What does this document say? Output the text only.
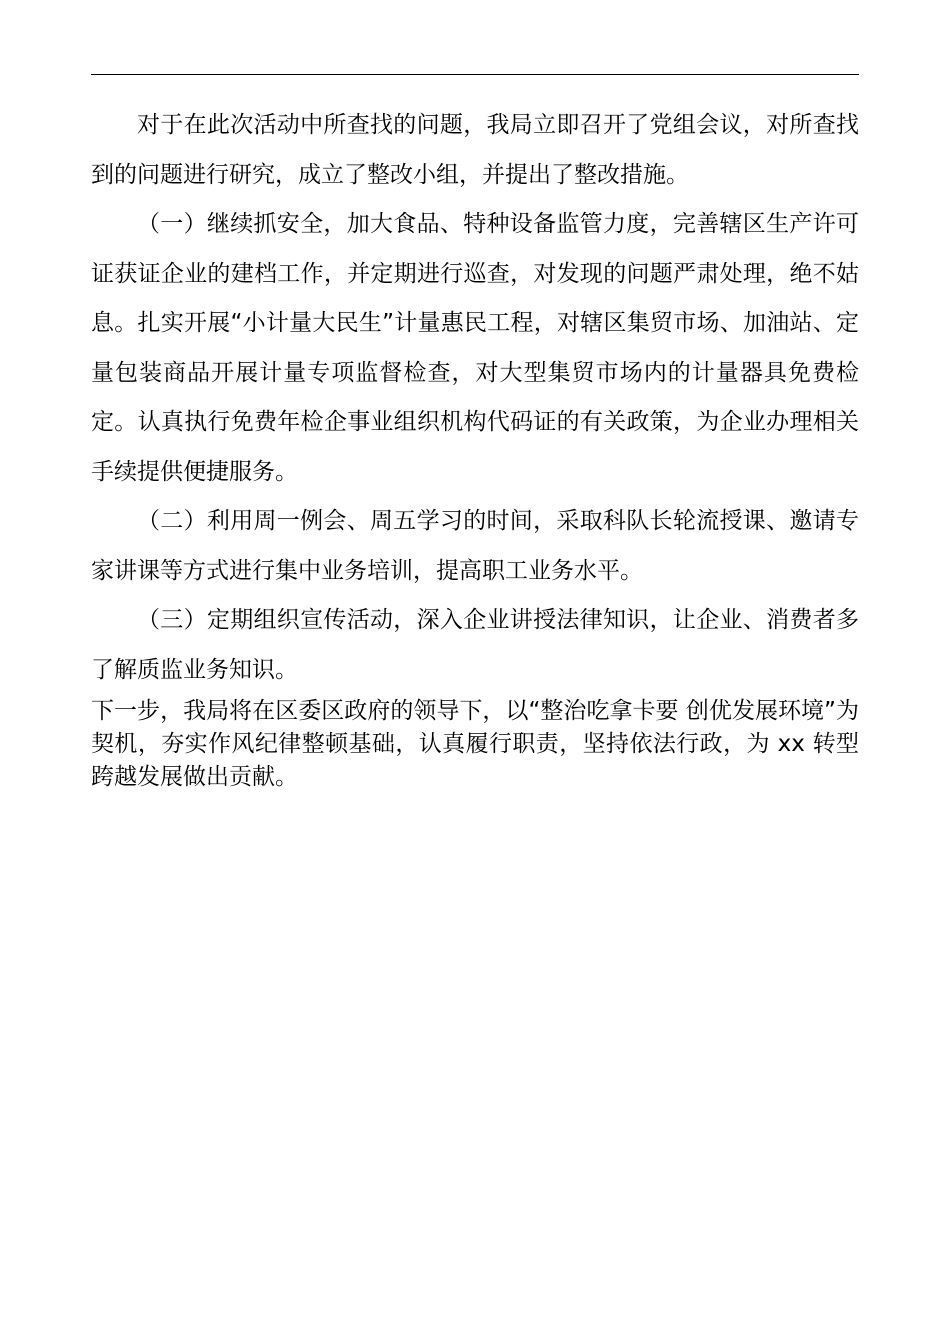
对于在此次活动中所查找的问题，我局立即召开了党组会议，对所查找到的问题进行研究，成立了整改小组，并提出了整改措施。

（一）继续抓安全，加大食品、特种设备监管力度，完善辖区生产许可证获证企业的建档工作，并定期进行巡查，对发现的问题严肃处理，绝不姑息。扎实开展“小计量大民生”计量惠民工程，对辖区集贸市场、加油站、定量包装商品开展计量专项监督检查，对大型集贸市场内的计量器具免费检定。认真执行免费年检企事业组织机构代码证的有关政策，为企业办理相关手续提供便捷服务。

（二）利用周一例会、周五学习的时间，采取科队长轮流授课、邀请专家讲课等方式进行集中业务培训，提高职工业务水平。

（三）定期组织宣传活动，深入企业讲授法律知识，让企业、消费者多了解质监业务知识。

下一步，我局将在区委区政府的领导下，以“整治吃拿卡要 创优发展环境”为契机，夯实作风纪律整顿基础，认真履行职责，坚持依法行政，为 xx 转型跨越发展做出贡献。
